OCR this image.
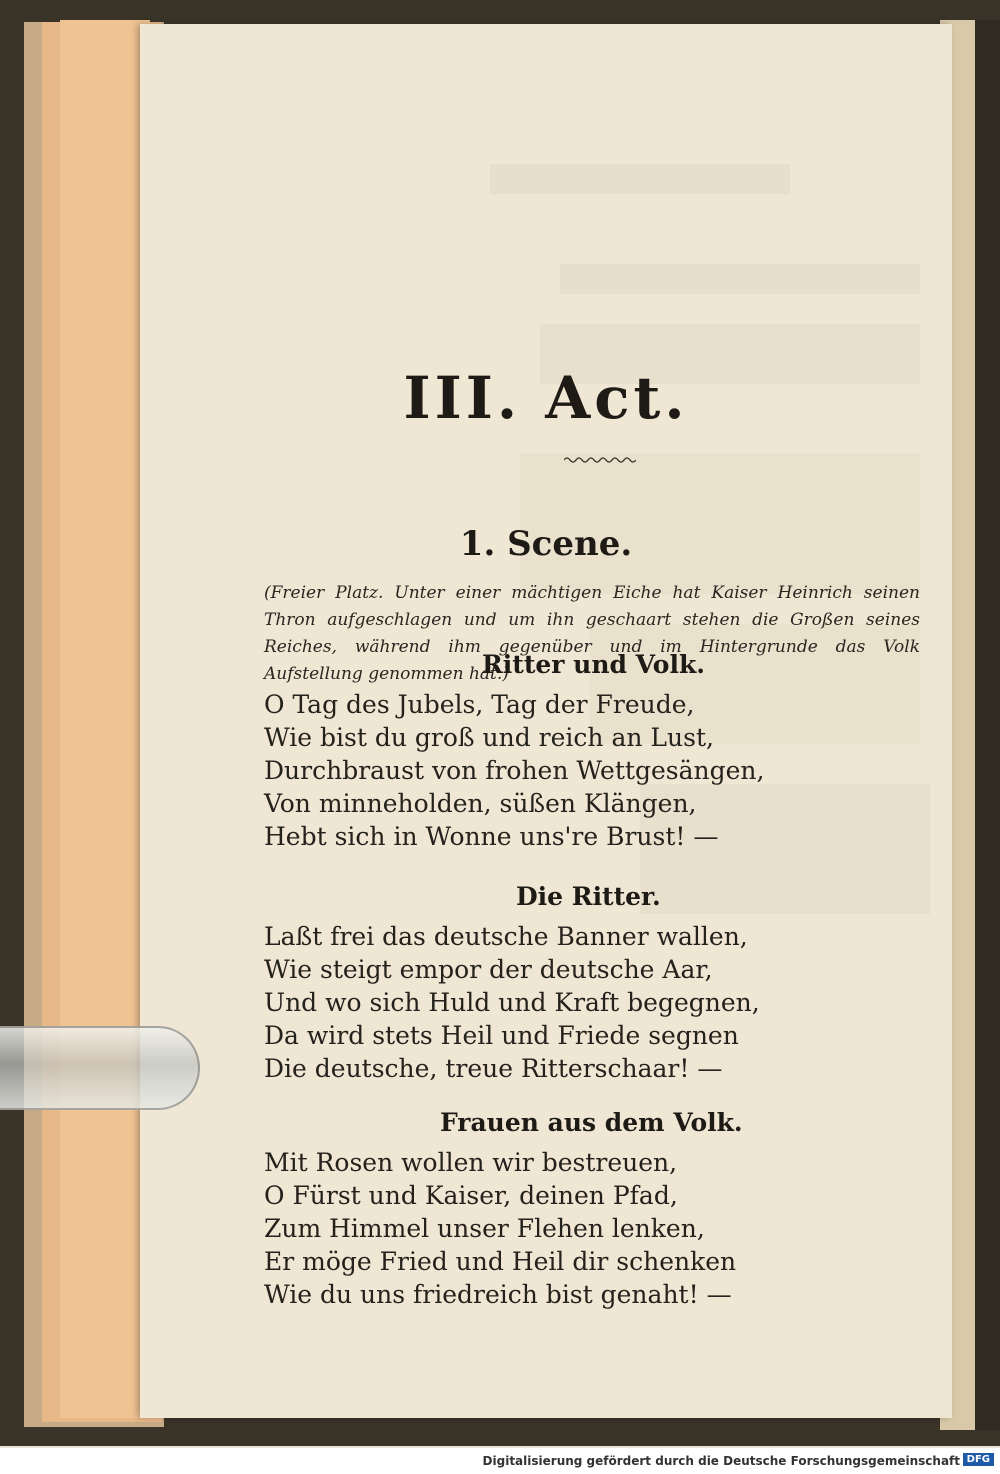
III. Act.
1. Scene.
(Freier Platz. Unter einer mächtigen Eiche hat Kaiser Heinrich seinen Thron aufgeschlagen und um ihn geschaart stehen die Großen seines Reiches, während ihm gegenüber und im Hintergrunde das Volk Aufstellung genommen hat.)
Ritter und Volk.
O Tag des Jubels, Tag der Freude,
Wie bist du groß und reich an Lust,
Durchbraust von frohen Wettgesängen,
Von minneholden, süßen Klängen,
Hebt sich in Wonne uns're Brust! —
Die Ritter.
Laßt frei das deutsche Banner wallen,
Wie steigt empor der deutsche Aar,
Und wo sich Huld und Kraft begegnen,
Da wird stets Heil und Friede segnen
Die deutsche, treue Ritterschaar! —
Frauen aus dem Volk.
Mit Rosen wollen wir bestreuen,
O Fürst und Kaiser, deinen Pfad,
Zum Himmel unser Flehen lenken,
Er möge Fried und Heil dir schenken
Wie du uns friedreich bist genaht! —
Digitalisierung gefördert durch die Deutsche Forschungsgemeinschaft DFG
